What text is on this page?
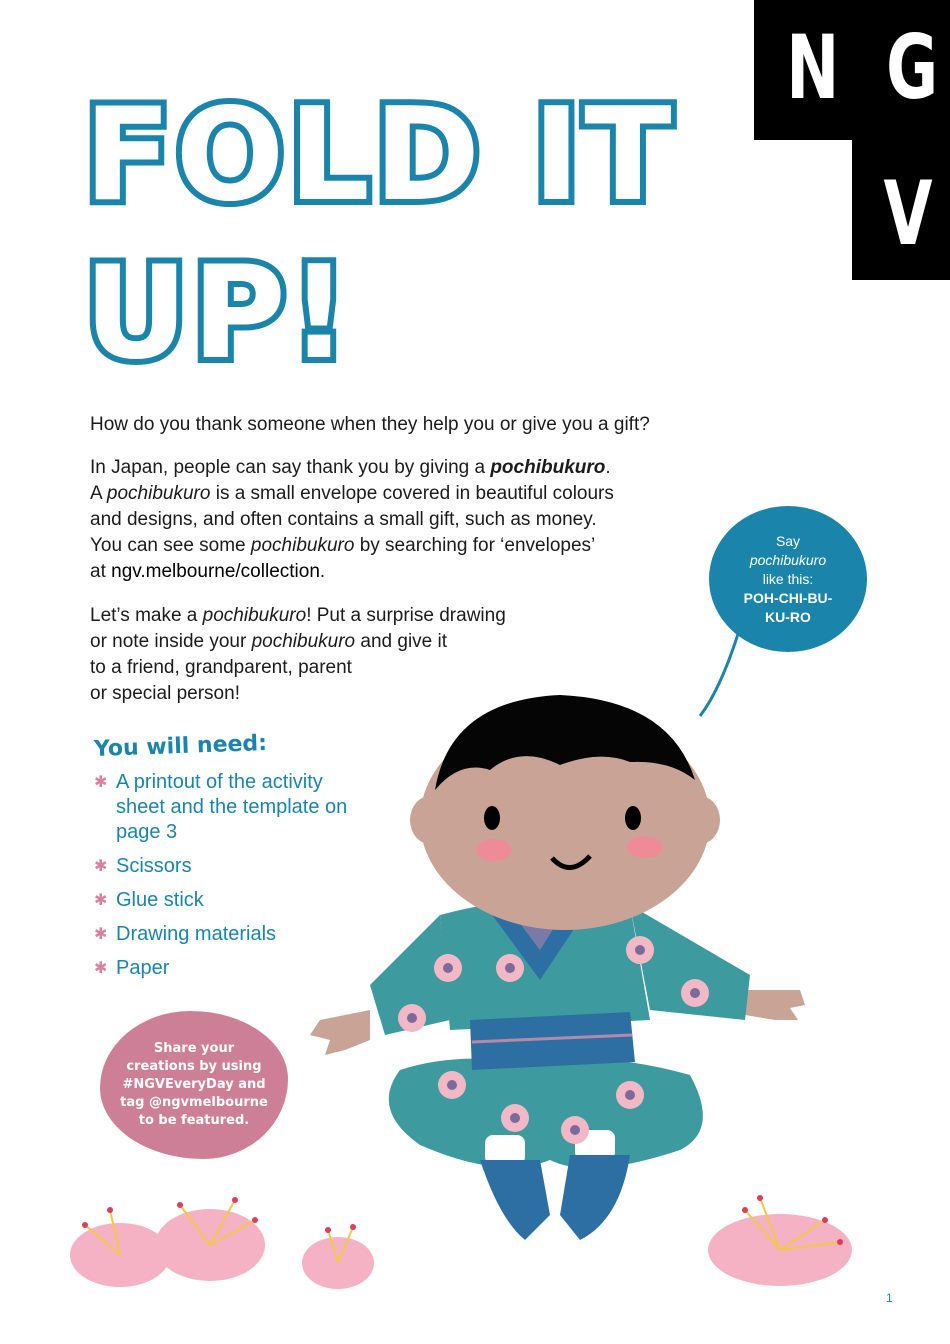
N G
V
FOLD IT
UP!
How do you thank someone when they help you or give you a gift?
In Japan, people can say thank you by giving a pochibukuro.
A pochibukuro is a small envelope covered in beautiful colours
and designs, and often contains a small gift, such as money.
You can see some pochibukuro by searching for ‘envelopes’
at ngv.melbourne/collection.
Let’s make a pochibukuro! Put a surprise drawing
or note inside your pochibukuro and give it
to a friend, grandparent, parent
or special person!
Say
pochibukuro
like this:
POH-CHI-BU-
KU-RO
You will need:
✱ A printout of the activity sheet and the template on page 3
✱ Scissors
✱ Glue stick
✱ Drawing materials
✱ Paper
Share your creations by using #NGVEveryDay and tag @ngvmelbourne to be featured.
1
